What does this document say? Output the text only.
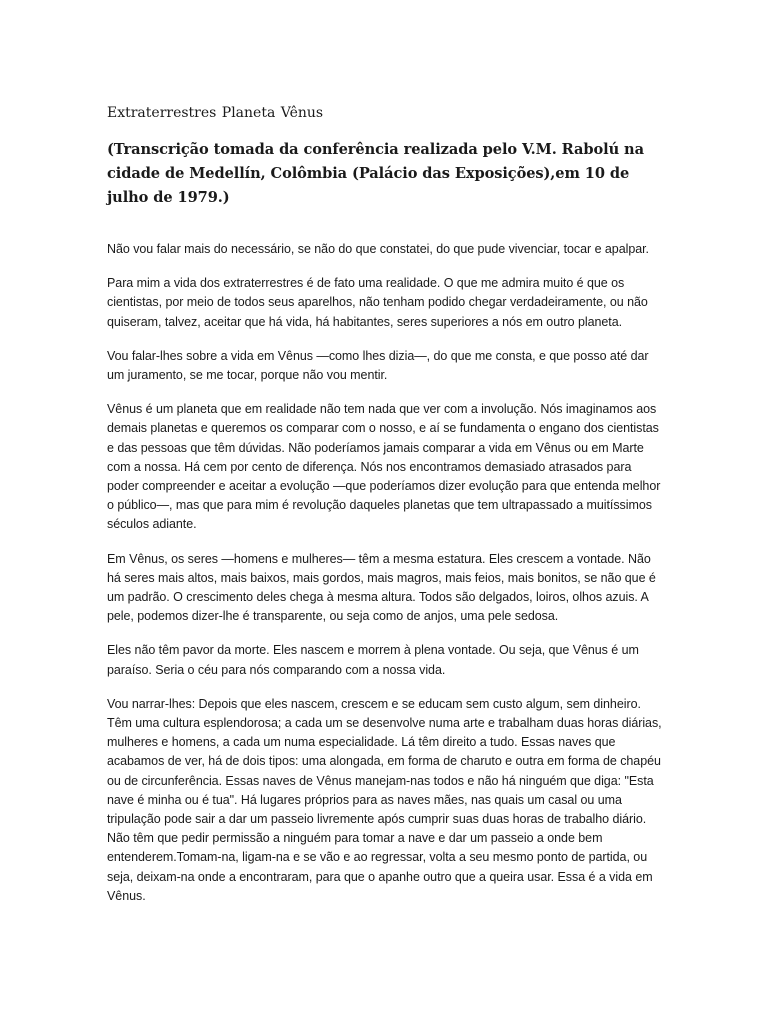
Extraterrestres Planeta Vênus
(Transcrição tomada da conferência realizada pelo V.M. Rabolú na cidade de Medellín, Colômbia (Palácio das Exposições),em 10 de julho de 1979.)

Não vou falar mais do necessário, se não do que constatei, do que pude vivenciar, tocar e apalpar.

Para mim a vida dos extraterrestres é de fato uma realidade. O que me admira muito é que os cientistas, por meio de todos seus aparelhos, não tenham podido chegar verdadeiramente, ou não quiseram, talvez, aceitar que há vida, há habitantes, seres superiores a nós em outro planeta.

Vou falar-lhes sobre a vida em Vênus —como lhes dizia—, do que me consta, e que posso até dar um juramento, se me tocar, porque não vou mentir.

Vênus é um planeta que em realidade não tem nada que ver com a involução. Nós imaginamos aos demais planetas e queremos os comparar com o nosso, e aí se fundamenta o engano dos cientistas e das pessoas que têm dúvidas. Não poderíamos jamais comparar a vida em Vênus ou em Marte com a nossa. Há cem por cento de diferença. Nós nos encontramos demasiado atrasados para poder compreender e aceitar a evolução —que poderíamos dizer evolução para que entenda melhor o público—, mas que para mim é revolução daqueles planetas que tem ultrapassado a muitíssimos séculos adiante.

Em Vênus, os seres —homens e mulheres— têm a mesma estatura. Eles crescem a vontade. Não há seres mais altos, mais baixos, mais gordos, mais magros, mais feios, mais bonitos, se não que é um padrão. O crescimento deles chega à mesma altura. Todos são delgados, loiros, olhos azuis. A pele, podemos dizer-lhe é transparente, ou seja como de anjos, uma pele sedosa.

Eles não têm pavor da morte. Eles nascem e morrem à plena vontade. Ou seja, que Vênus é um paraíso. Seria o céu para nós comparando com a nossa vida.

Vou narrar-lhes: Depois que eles nascem, crescem e se educam sem custo algum, sem dinheiro. Têm uma cultura esplendorosa; a cada um se desenvolve numa arte e trabalham duas horas diárias, mulheres e homens, a cada um numa especialidade. Lá têm direito a tudo. Essas naves que acabamos de ver, há de dois tipos: uma alongada, em forma de charuto e outra em forma de chapéu ou de circunferência. Essas naves de Vênus manejam-nas todos e não há ninguém que diga: "Esta nave é minha ou é tua". Há lugares próprios para as naves mães, nas quais um casal ou uma tripulação pode sair a dar um passeio livremente após cumprir suas duas horas de trabalho diário. Não têm que pedir permissão a ninguém para tomar a nave e dar um passeio a onde bem entenderem.Tomam-na, ligam-na e se vão e ao regressar, volta a seu mesmo ponto de partida, ou seja, deixam-na onde a encontraram, para que o apanhe outro que a queira usar. Essa é a vida em Vênus.
